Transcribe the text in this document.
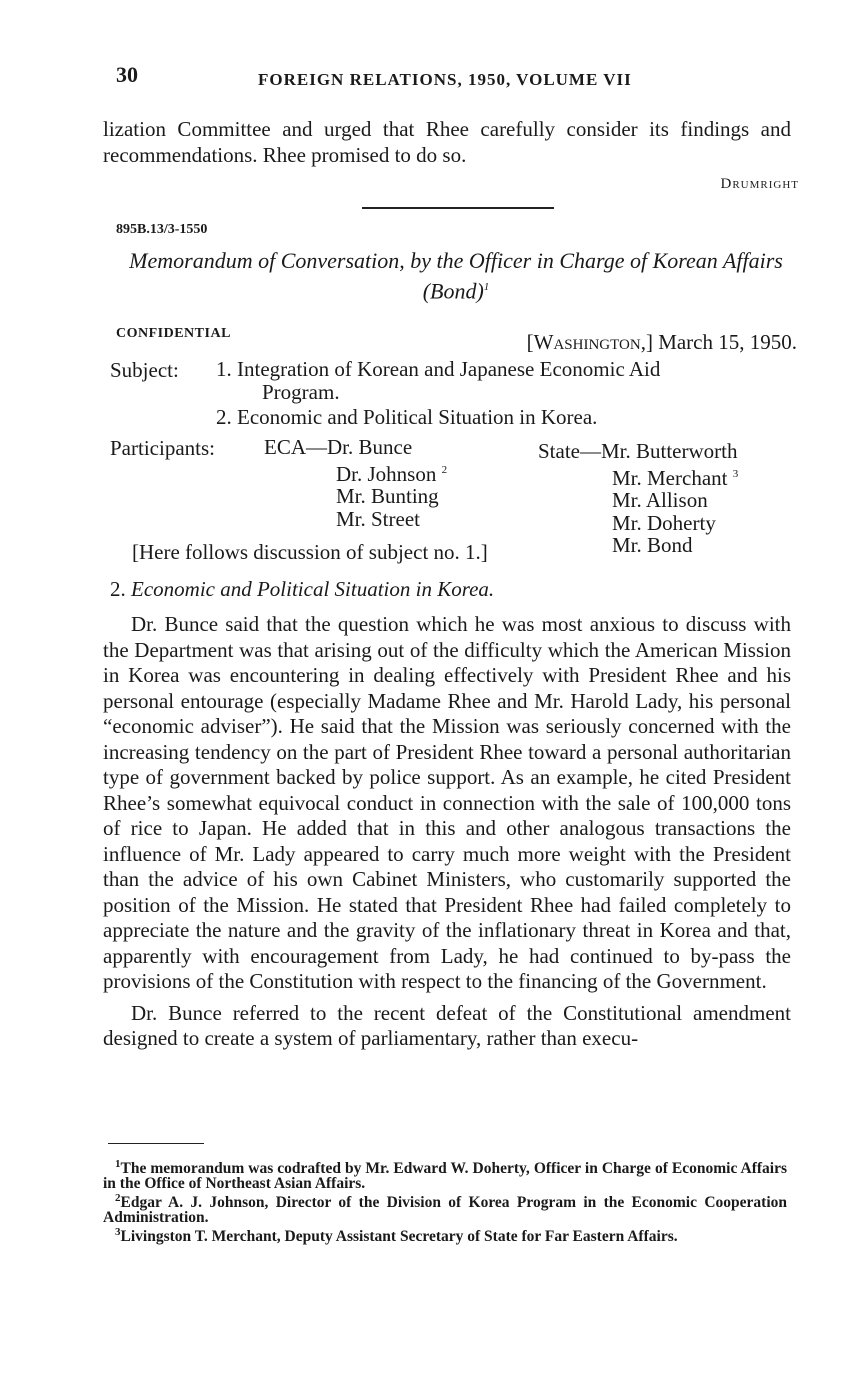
30	FOREIGN RELATIONS, 1950, VOLUME VII

lization Committee and urged that Rhee carefully consider its findings and recommendations. Rhee promised to do so.

Drumright
895B.13/3-1550
Memorandum of Conversation, by the Officer in Charge of Korean Affairs (Bond)$^1$
CONFIDENTIAL	[Washington,] March 15, 1950.
Subject: 1. Integration of Korean and Japanese Economic Aid
Program.
2. Economic and Political Situation in Korea.
Participants: ECA—Dr. Bunce
Dr. Johnson $^2$
Mr. Bunting
Mr. Street
State—Mr. Butterworth
Mr. Merchant $^3$
Mr. Allison
Mr. Doherty
Mr. Bond
[Here follows discussion of subject no. 1.]
2. Economic and Political Situation in Korea.

Dr. Bunce said that the question which he was most anxious to discuss with the Department was that arising out of the difficulty which the American Mission in Korea was encountering in dealing effectively with President Rhee and his personal entourage (especially Madame Rhee and Mr. Harold Lady, his personal “economic adviser”). He said that the Mission was seriously concerned with the increasing tendency on the part of President Rhee toward a personal authoritarian type of government backed by police support. As an example, he cited President Rhee’s somewhat equivocal conduct in connection with the sale of 100,000 tons of rice to Japan. He added that in this and other analogous transactions the influence of Mr. Lady appeared to carry much more weight with the President than the advice of his own Cabinet Ministers, who customarily supported the position of the Mission. He stated that President Rhee had failed completely to appreciate the nature and the gravity of the inflationary threat in Korea and that, apparently with encouragement from Lady, he had continued to by-pass the provisions of the Constitution with respect to the financing of the Government.

Dr. Bunce referred to the recent defeat of the Constitutional amendment designed to create a system of parliamentary, rather than execu-

$^1$The memorandum was codrafted by Mr. Edward W. Doherty, Officer in Charge of Economic Affairs in the Office of Northeast Asian Affairs.

$^2$Edgar A. J. Johnson, Director of the Division of Korea Program in the Economic Cooperation Administration.

$^3$Livingston T. Merchant, Deputy Assistant Secretary of State for Far Eastern Affairs.
